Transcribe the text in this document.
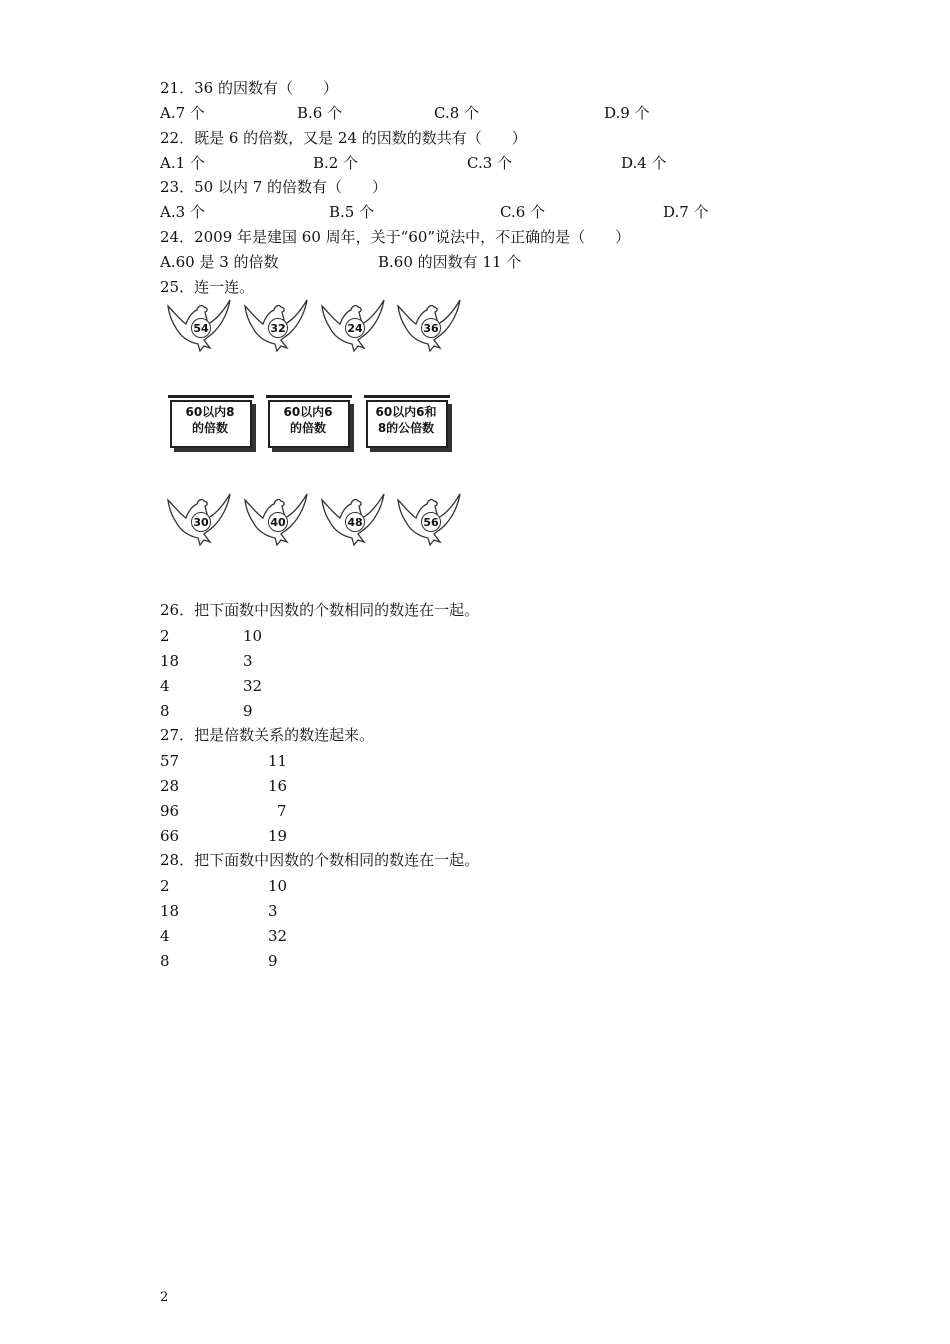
21．36 的因数有（　　）
A.7 个	B.6 个	C.8 个	D.9 个
22．既是 6 的倍数，又是 24 的因数的数共有（　　）
A.1 个	B.2 个	C.3 个	D.4 个
23．50 以内 7 的倍数有（　　）
A.3 个	B.5 个	C.6 个	D.7 个
24．2009 年是建国 60 周年，关于“60”说法中，不正确的是（　　）
A.60 是 3 的倍数	B.60 的因数有 11 个
25．连一连。
54	32	24	36
60以内8
的倍数
60以内6
的倍数
60以内6和
8的公倍数
30	40	48	56
26．把下面数中因数的个数相同的数连在一起。
2	10
18	3
4	32
8	9
27．把是倍数关系的数连起来。
57	11
28	16
96	7
66	19
28．把下面数中因数的个数相同的数连在一起。
2	10
18	3
4	32
8	9
2
